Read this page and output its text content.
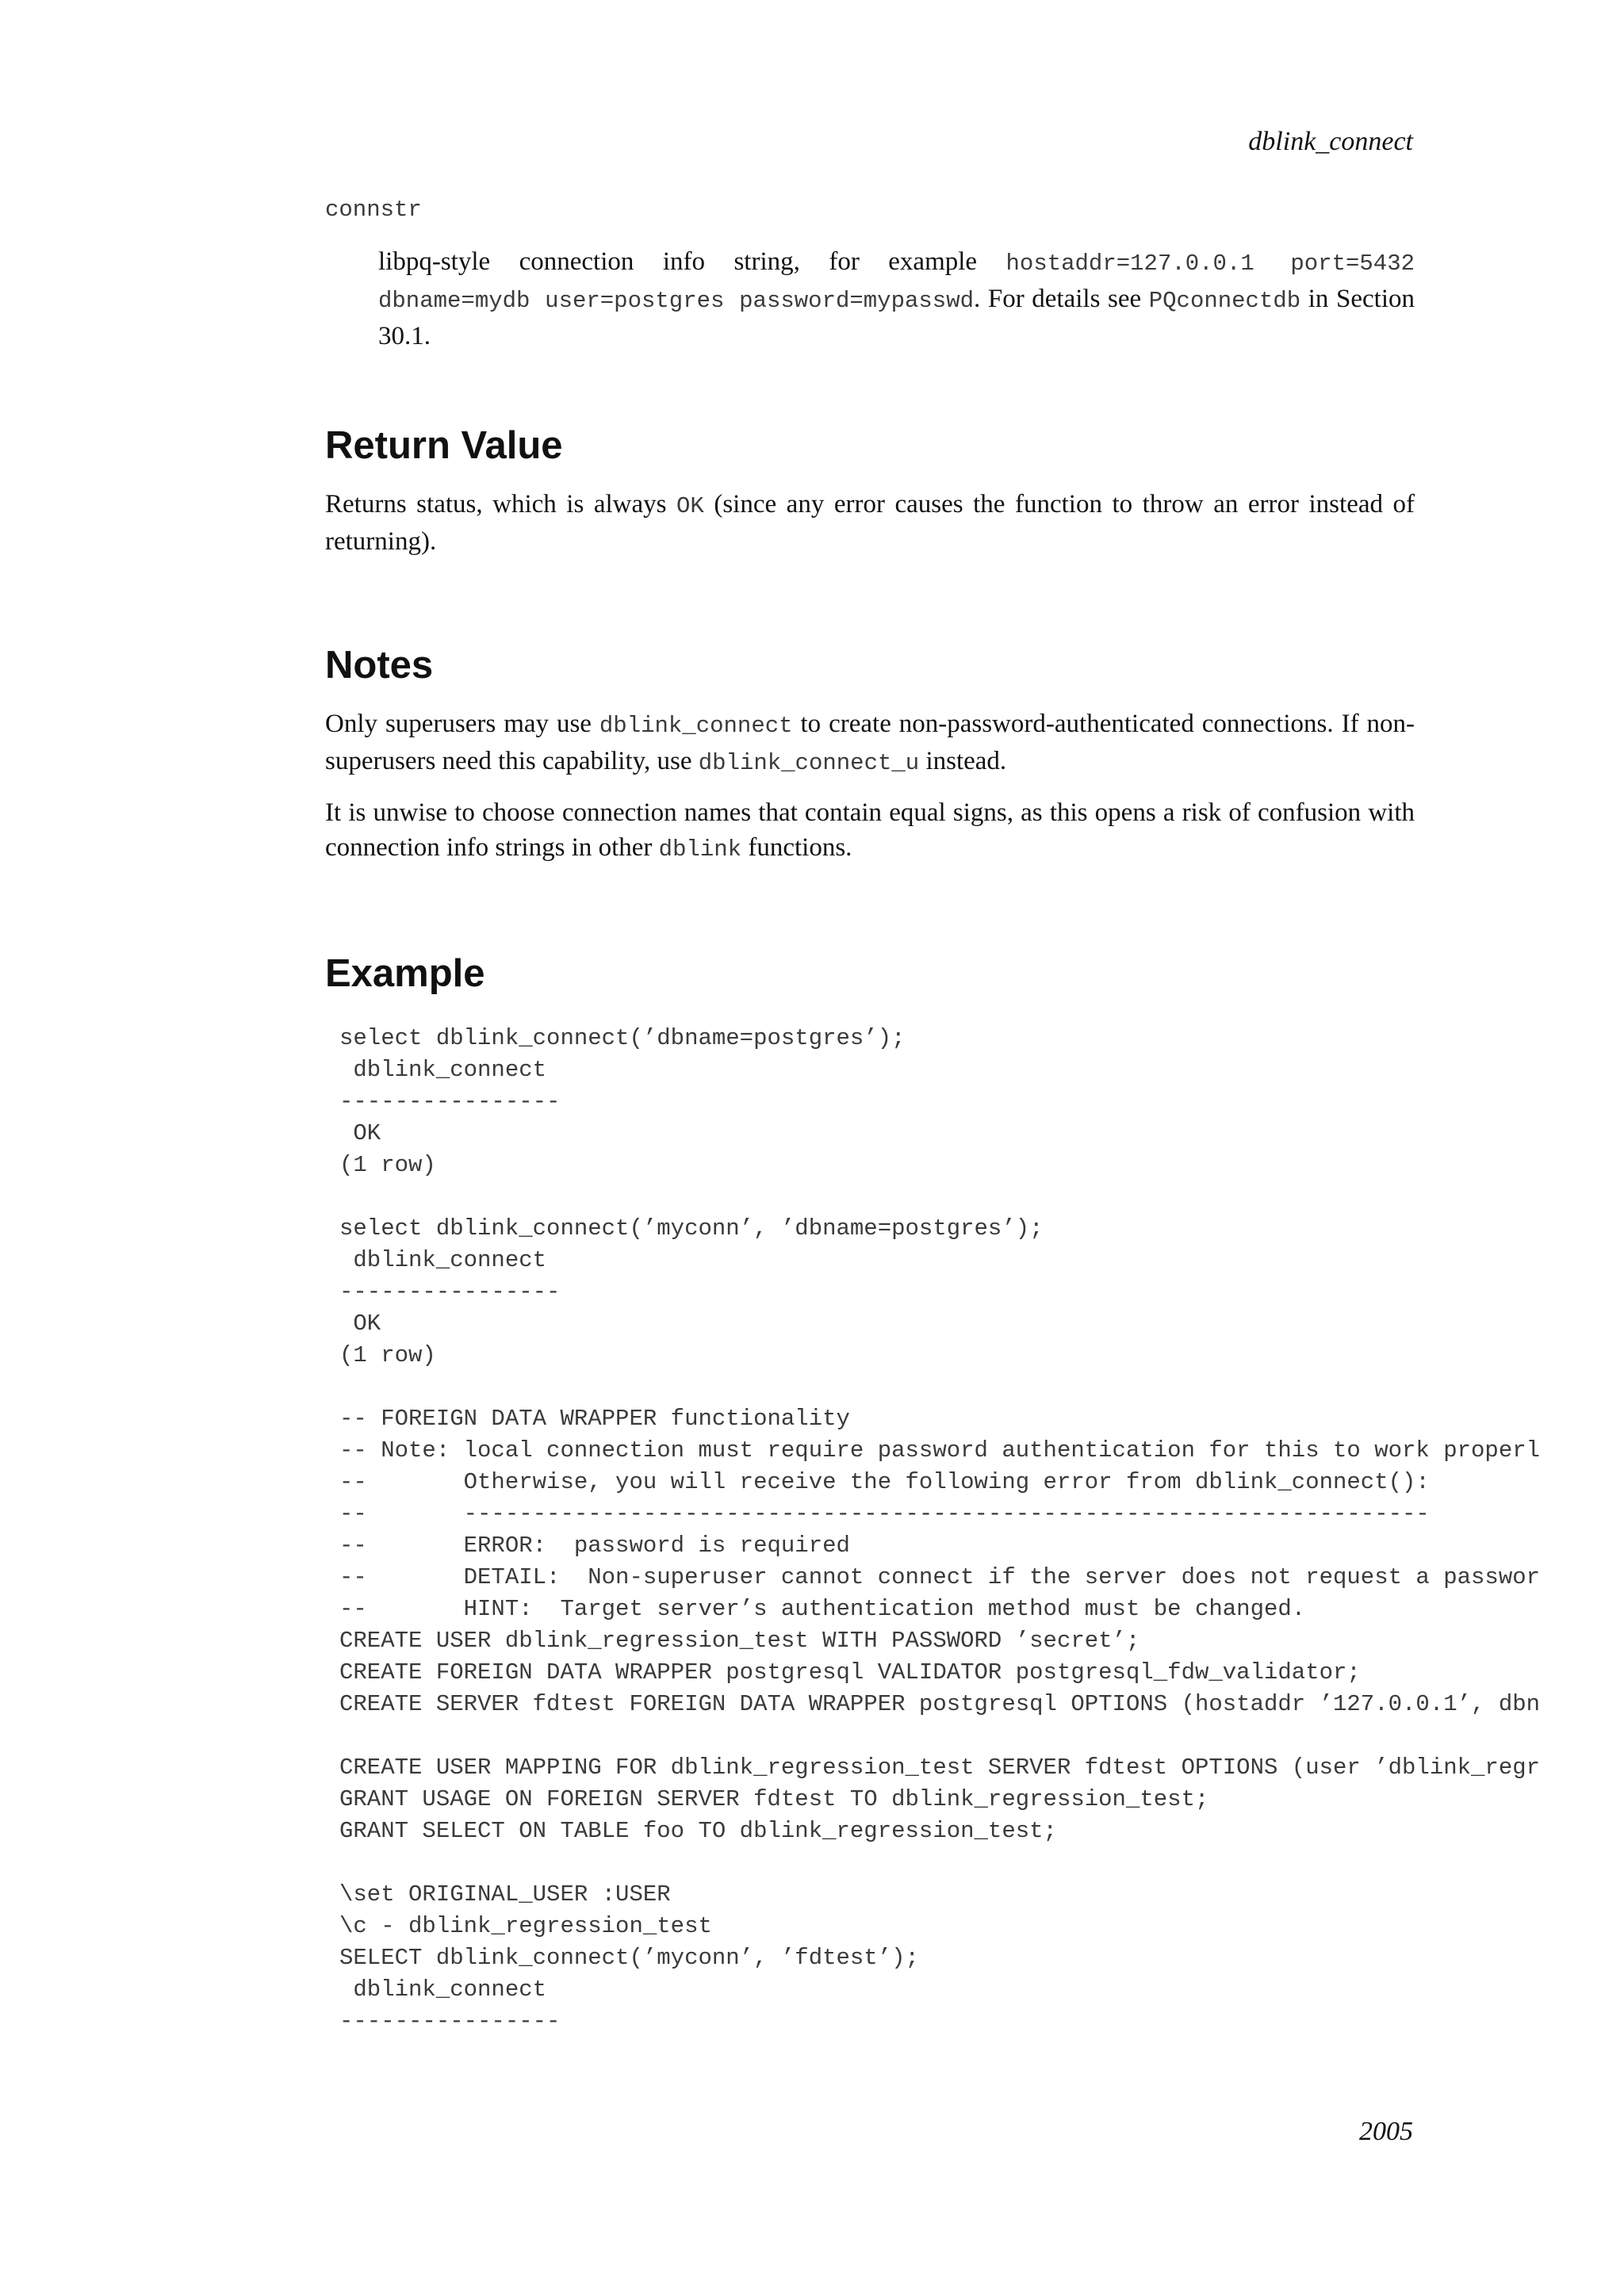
dblink_connect
connstr
libpq-style connection info string, for example hostaddr=127.0.0.1 port=5432 dbname=mydb user=postgres password=mypasswd. For details see PQconnectdb in Section 30.1.
Return Value

Returns status, which is always OK (since any error causes the function to throw an error instead of returning).

Notes

Only superusers may use dblink_connect to create non-password-authenticated connections. If non-superusers need this capability, use dblink_connect_u instead.

It is unwise to choose connection names that contain equal signs, as this opens a risk of confusion with connection info strings in other dblink functions.

Example
select dblink_connect(’dbname=postgres’);
dblink_connect
----------------
OK
(1 row)
select dblink_connect(’myconn’, ’dbname=postgres’);
dblink_connect
----------------
OK
(1 row)
-- FOREIGN DATA WRAPPER functionality
-- Note: local connection must require password authentication for this to work properl
--       Otherwise, you will receive the following error from dblink_connect():
--       ----------------------------------------------------------------------
--       ERROR:  password is required
--       DETAIL:  Non-superuser cannot connect if the server does not request a passwor
--       HINT:  Target server’s authentication method must be changed.
CREATE USER dblink_regression_test WITH PASSWORD ’secret’;
CREATE FOREIGN DATA WRAPPER postgresql VALIDATOR postgresql_fdw_validator;
CREATE SERVER fdtest FOREIGN DATA WRAPPER postgresql OPTIONS (hostaddr ’127.0.0.1’, dbn
CREATE USER MAPPING FOR dblink_regression_test SERVER fdtest OPTIONS (user ’dblink_regr
GRANT USAGE ON FOREIGN SERVER fdtest TO dblink_regression_test;
GRANT SELECT ON TABLE foo TO dblink_regression_test;
\set ORIGINAL_USER :USER
\c - dblink_regression_test
SELECT dblink_connect(’myconn’, ’fdtest’);
dblink_connect
----------------
2005
